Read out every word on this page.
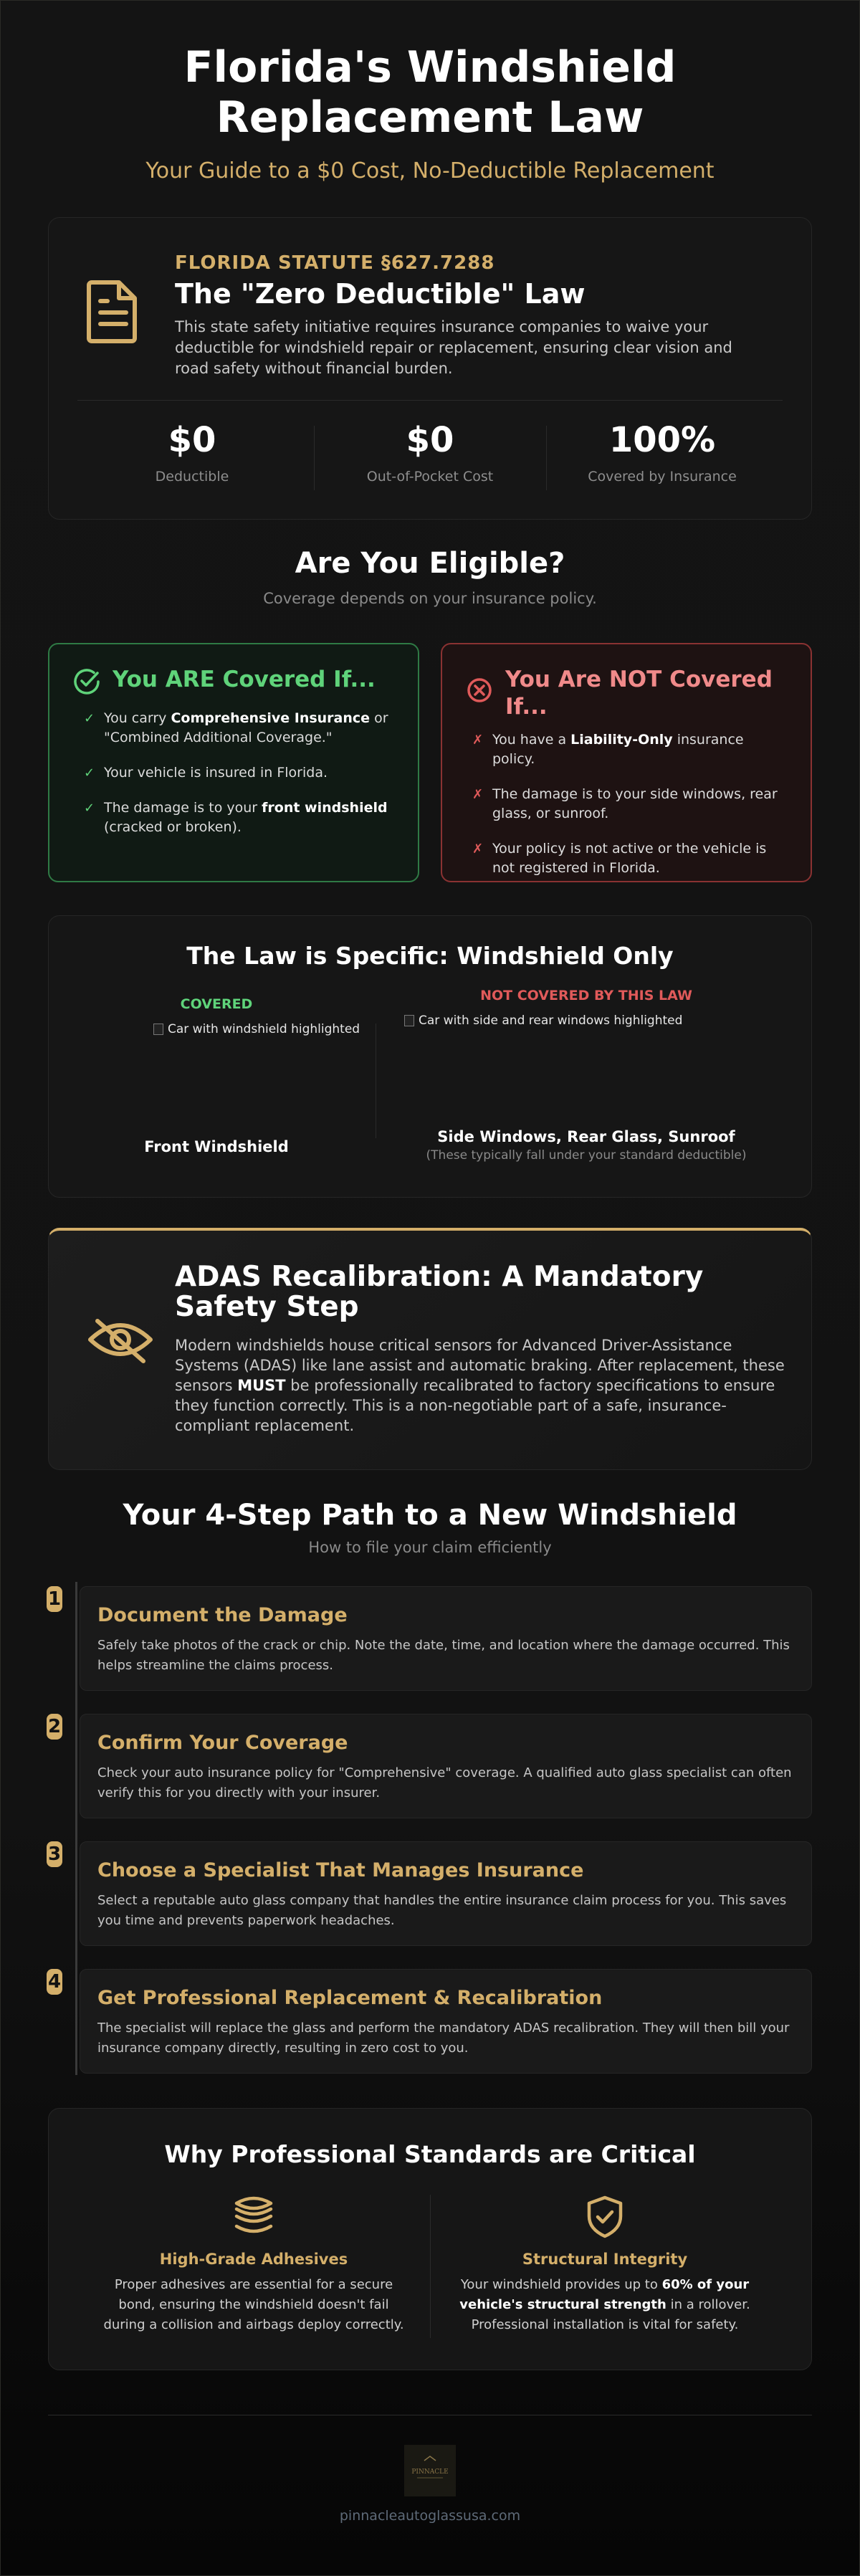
Florida's Windshield
Replacement Law
Your Guide to a $0 Cost, No-Deductible Replacement
FLORIDA STATUTE §627.7288
The "Zero Deductible" Law
This state safety initiative requires insurance companies to waive your deductible for windshield repair or replacement, ensuring clear vision and road safety without financial burden.
$0
Deductible
$0
Out-of-Pocket Cost
100%
Covered by Insurance
Are You Eligible?
Coverage depends on your insurance policy.
You ARE Covered If...
✓ You carry Comprehensive Insurance or "Combined Additional Coverage."
✓ Your vehicle is insured in Florida.
✓ The damage is to your front windshield (cracked or broken).
You Are NOT Covered If...
✗ You have a Liability-Only insurance policy.
✗ The damage is to your side windows, rear glass, or sunroof.
✗ Your policy is not active or the vehicle is not registered in Florida.
The Law is Specific: Windshield Only
COVERED
Car with windshield highlighted
NOT COVERED BY THIS LAW
Car with side and rear windows highlighted
Front Windshield
Side Windows, Rear Glass, Sunroof
(These typically fall under your standard deductible)
ADAS Recalibration: A Mandatory Safety Step
Modern windshields house critical sensors for Advanced Driver-Assistance Systems (ADAS) like lane assist and automatic braking. After replacement, these sensors MUST be professionally recalibrated to factory specifications to ensure they function correctly. This is a non-negotiable part of a safe, insurance-compliant replacement.
Your 4-Step Path to a New Windshield
How to file your claim efficiently
1
Document the Damage
Safely take photos of the crack or chip. Note the date, time, and location where the damage occurred. This helps streamline the claims process.
2
Confirm Your Coverage
Check your auto insurance policy for "Comprehensive" coverage. A qualified auto glass specialist can often verify this for you directly with your insurer.
3
Choose a Specialist That Manages Insurance
Select a reputable auto glass company that handles the entire insurance claim process for you. This saves you time and prevents paperwork headaches.
4
Get Professional Replacement & Recalibration
The specialist will replace the glass and perform the mandatory ADAS recalibration. They will then bill your insurance company directly, resulting in zero cost to you.
Why Professional Standards are Critical
High-Grade Adhesives
Proper adhesives are essential for a secure bond, ensuring the windshield doesn't fail during a collision and airbags deploy correctly.
Structural Integrity
Your windshield provides up to 60% of your vehicle's structural strength in a rollover. Professional installation is vital for safety.
PINNACLE
pinnacleautoglassusa.com
